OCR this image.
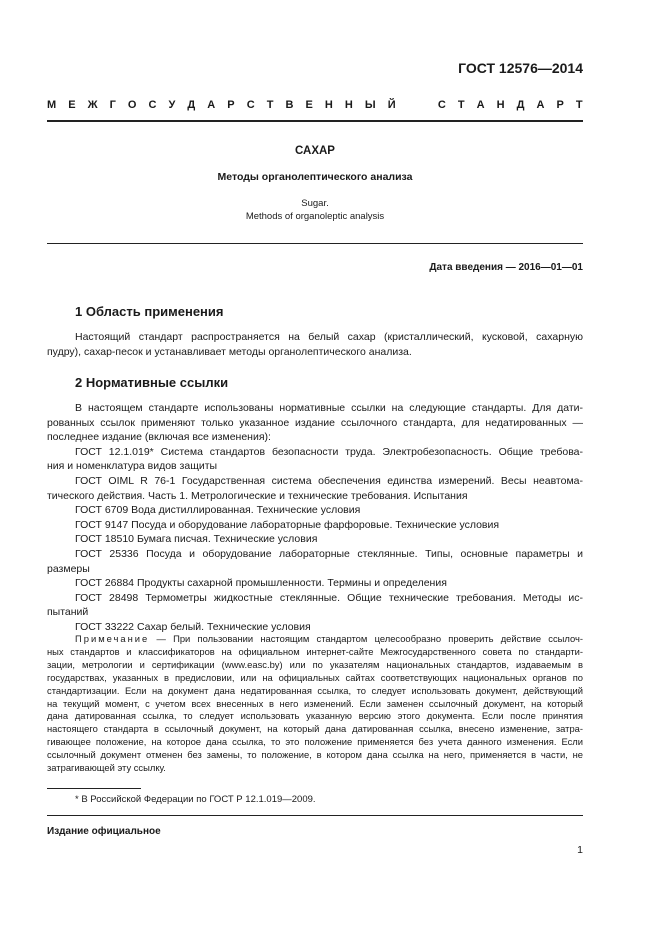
ГОСТ 12576—2014
М Е Ж Г О С У Д А Р С Т В Е Н Н Ы Й

	С Т А Н Д А Р Т
САХАР
Методы органолептического анализа
Sugar.
Methods of organoleptic analysis
Дата введения — 2016—01—01
1 Область применения
Настоящий стандарт распространяется на белый сахар (кристаллический, кусковой, сахарную
пудру), сахар-песок и устанавливает методы органолептического анализа.
2 Нормативные ссылки
В настоящем стандарте использованы нормативные ссылки на следующие стандарты. Для дати-
рованных ссылок применяют только указанное издание ссылочного стандарта, для недатированных —
последнее издание (включая все изменения):
ГОСТ 12.1.019* Система стандартов безопасности труда. Электробезопасность. Общие требова-
ния и номенклатура видов защиты
ГОСТ OIML R 76-1 Государственная система обеспечения единства измерений. Весы неавтома-
тического действия. Часть 1. Метрологические и технические требования. Испытания
ГОСТ 6709 Вода дистиллированная. Технические условия
ГОСТ 9147 Посуда и оборудование лабораторные фарфоровые. Технические условия
ГОСТ 18510 Бумага писчая. Технические условия
ГОСТ 25336 Посуда и оборудование лабораторные стеклянные. Типы, основные параметры и
размеры
ГОСТ 26884 Продукты сахарной промышленности. Термины и определения
ГОСТ 28498 Термометры жидкостные стеклянные. Общие технические требования. Методы ис-
пытаний
ГОСТ 33222 Сахар белый. Технические условия
Примечание — При пользовании настоящим стандартом целесообразно проверить действие ссылоч-
ных стандартов и классификаторов на официальном интернет-сайте Межгосударственного совета по стандарти-
зации, метрологии и сертификации (www.easc.by) или по указателям национальных стандартов, издаваемым в
государствах, указанных в предисловии, или на официальных сайтах соответствующих национальных органов по
стандартизации. Если на документ дана недатированная ссылка, то следует использовать документ, действующий
на текущий момент, с учетом всех внесенных в него изменений. Если заменен ссылочный документ, на который
дана датированная ссылка, то следует использовать указанную версию этого документа. Если после принятия
настоящего стандарта в ссылочный документ, на который дана датированная ссылка, внесено изменение, затра-
гивающее положение, на которое дана ссылка, то это положение применяется без учета данного изменения. Если
ссылочный документ отменен без замены, то положение, в котором дана ссылка на него, применяется в части, не
затрагивающей эту ссылку.
* В Российской Федерации по ГОСТ Р 12.1.019—2009.
Издание официальное
1
